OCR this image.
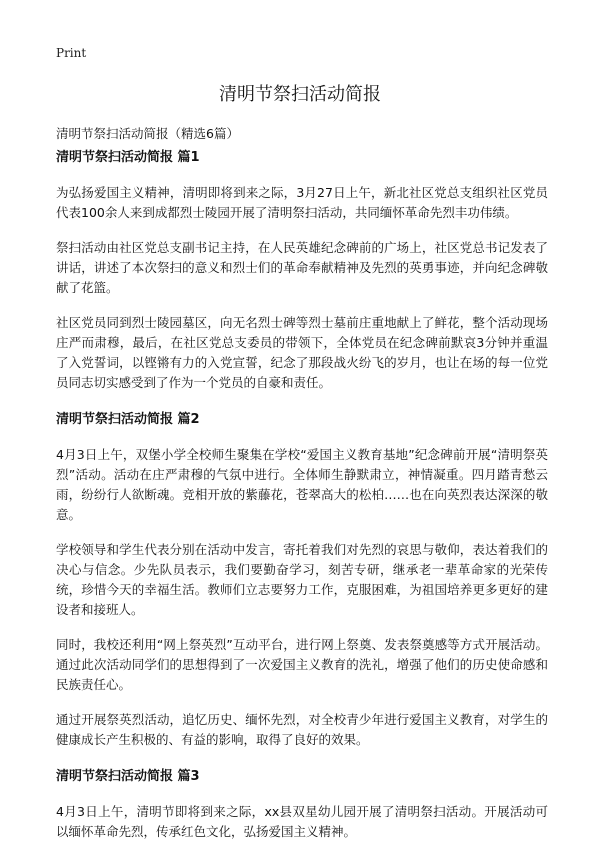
Print
清明节祭扫活动简报

清明节祭扫活动简报（精选6篇）

清明节祭扫活动简报 篇1

为弘扬爱国主义精神，清明即将到来之际，3月27日上午，新北社区党总支组织社区党员代表100余人来到成都烈士陵园开展了清明祭扫活动，共同缅怀革命先烈丰功伟绩。

祭扫活动由社区党总支副书记主持，在人民英雄纪念碑前的广场上，社区党总书记发表了讲话，讲述了本次祭扫的意义和烈士们的革命奉献精神及先烈的英勇事迹，并向纪念碑敬献了花篮。

社区党员同到烈士陵园墓区，向无名烈士碑等烈士墓前庄重地献上了鲜花，整个活动现场庄严而肃穆，最后，在社区党总支委员的带领下，全体党员在纪念碑前默哀3分钟并重温了入党誓词，以铿锵有力的入党宣誓，纪念了那段战火纷飞的岁月，也让在场的每一位党员同志切实感受到了作为一个党员的自豪和责任。

清明节祭扫活动简报 篇2

4月3日上午，双堡小学全校师生聚集在学校“爱国主义教育基地”纪念碑前开展“清明祭英烈”活动。活动在庄严肃穆的气氛中进行。全体师生静默肃立，神情凝重。四月踏青愁云雨，纷纷行人欲断魂。竞相开放的紫藤花，苍翠高大的松柏……也在向英烈表达深深的敬意。

学校领导和学生代表分别在活动中发言，寄托着我们对先烈的哀思与敬仰，表达着我们的决心与信念。少先队员表示，我们要勤奋学习，刻苦专研，继承老一辈革命家的光荣传统，珍惜今天的幸福生活。教师们立志要努力工作，克服困难，为祖国培养更多更好的建设者和接班人。

同时，我校还利用“网上祭英烈”互动平台，进行网上祭奠、发表祭奠感等方式开展活动。通过此次活动同学们的思想得到了一次爱国主义教育的洗礼，增强了他们的历史使命感和民族责任心。

通过开展祭英烈活动，追忆历史、缅怀先烈，对全校青少年进行爱国主义教育，对学生的健康成长产生积极的、有益的影响，取得了良好的效果。

清明节祭扫活动简报 篇3

4月3日上午，清明节即将到来之际，xx县双星幼儿园开展了清明祭扫活动。开展活动可以缅怀革命先烈，传承红色文化，弘扬爱国主义精神。
